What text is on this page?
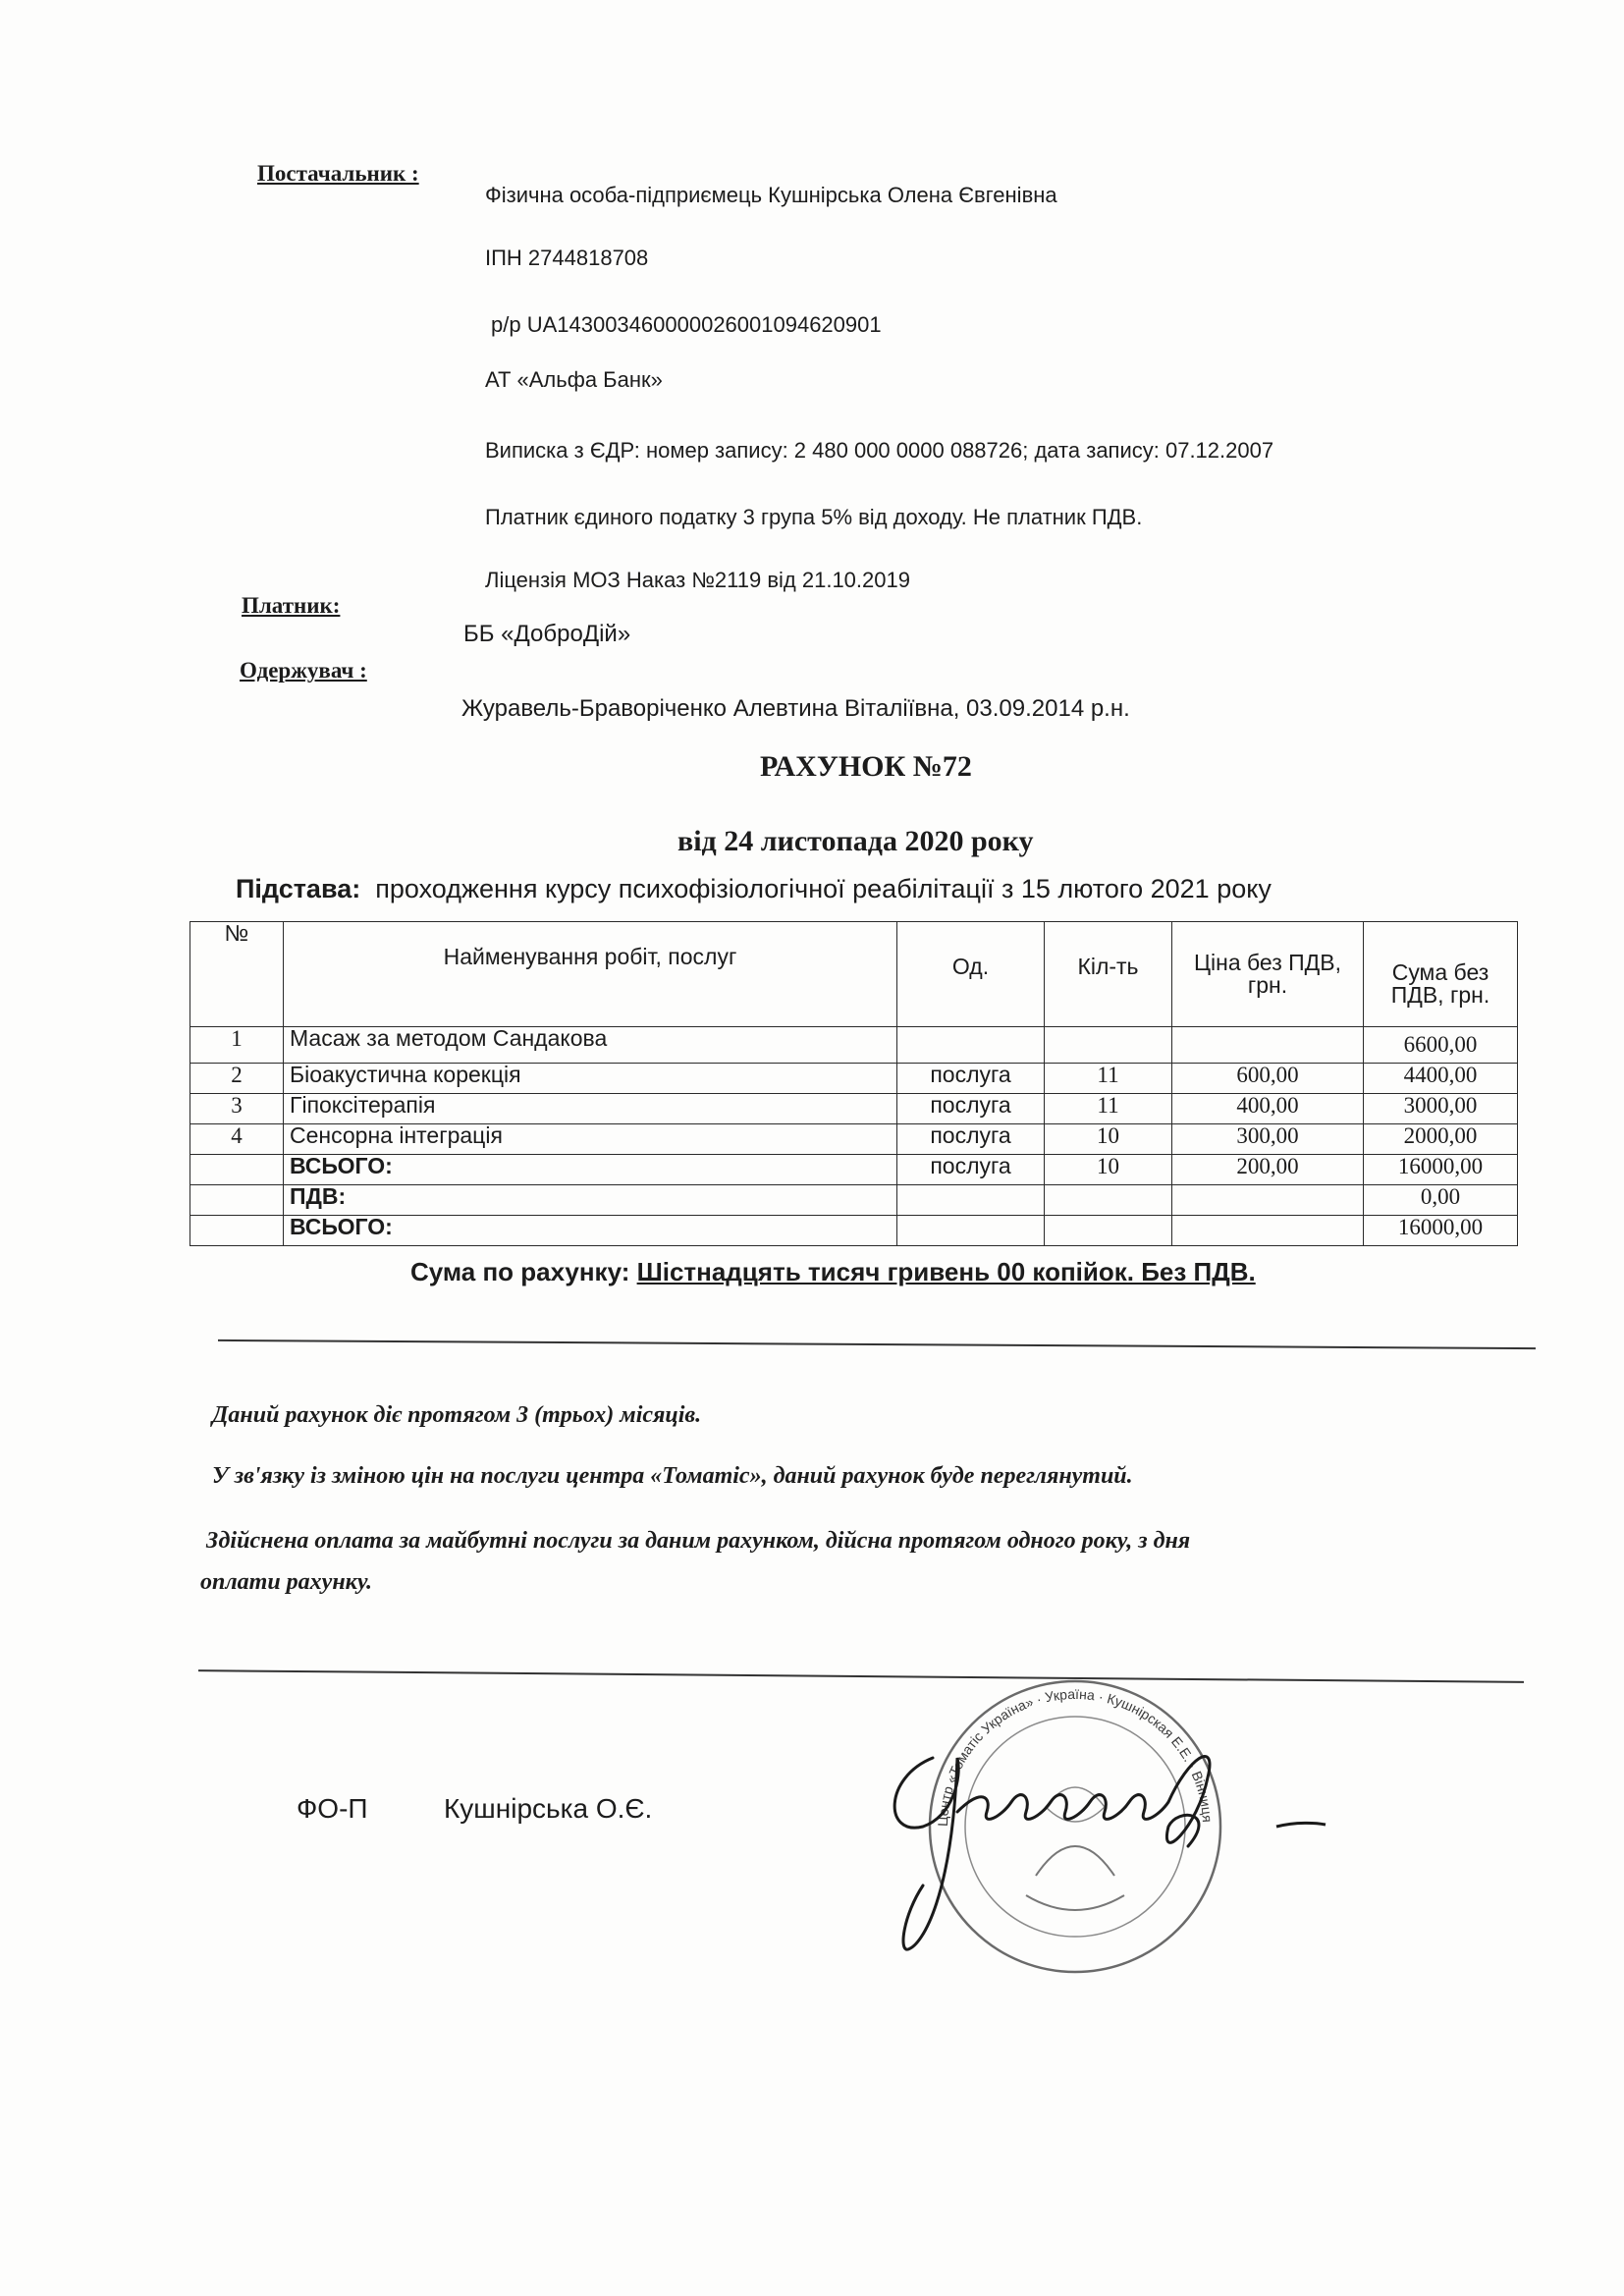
Постачальник :
Фізична особа-підприємець Кушнірська Олена Євгенівна
ІПН 2744818708
р/р UA143003460000026001094620901
АТ «Альфа Банк»
Виписка з ЄДР: номер запису: 2 480 000 0000 088726; дата запису: 07.12.2007
Платник єдиного податку 3 група 5% від доходу. Не платник ПДВ.
Ліцензія МОЗ Наказ №2119 від 21.10.2019
Платник:
ББ «ДоброДій»
Одержувач :
Журавель-Браворіченко Алевтина Віталіївна, 03.09.2014 р.н.
РАХУНОК №72
від 24 листопада 2020 року
Підстава: проходження курсу психофізіологічної реабілітації з 15 лютого 2021 року
№	Найменування робіт, послуг	Од.	Кіл-ть	Ціна без ПДВ, грн.	Сума без ПДВ, грн.
1	Масаж за методом Сандакова				6600,00
2	Біоакустична корекція	послуга	11	600,00	4400,00
3	Гіпоксітерапія	послуга	11	400,00	3000,00
4	Сенсорна інтеграція	послуга	10	300,00	2000,00
	ВСЬОГО:	послуга	10	200,00	16000,00
	ПДВ:				0,00
	ВСЬОГО:				16000,00
Сума по рахунку: Шістнадцять тисяч гривень 00 копійок. Без ПДВ.
Даний рахунок діє протягом 3 (трьох) місяців.
У зв'язку із зміною цін на послуги центра «Томатіс», даний рахунок буде переглянутий.
Здійснена оплата за майбутні послуги за даним рахунком, дійсна протягом одного року, з дня
оплати рахунку.
ФО-П	Кушнірська О.Є.	Центр «Томатіс Україна» · Україна · Кушнірская Е.Е. · Вінниця
